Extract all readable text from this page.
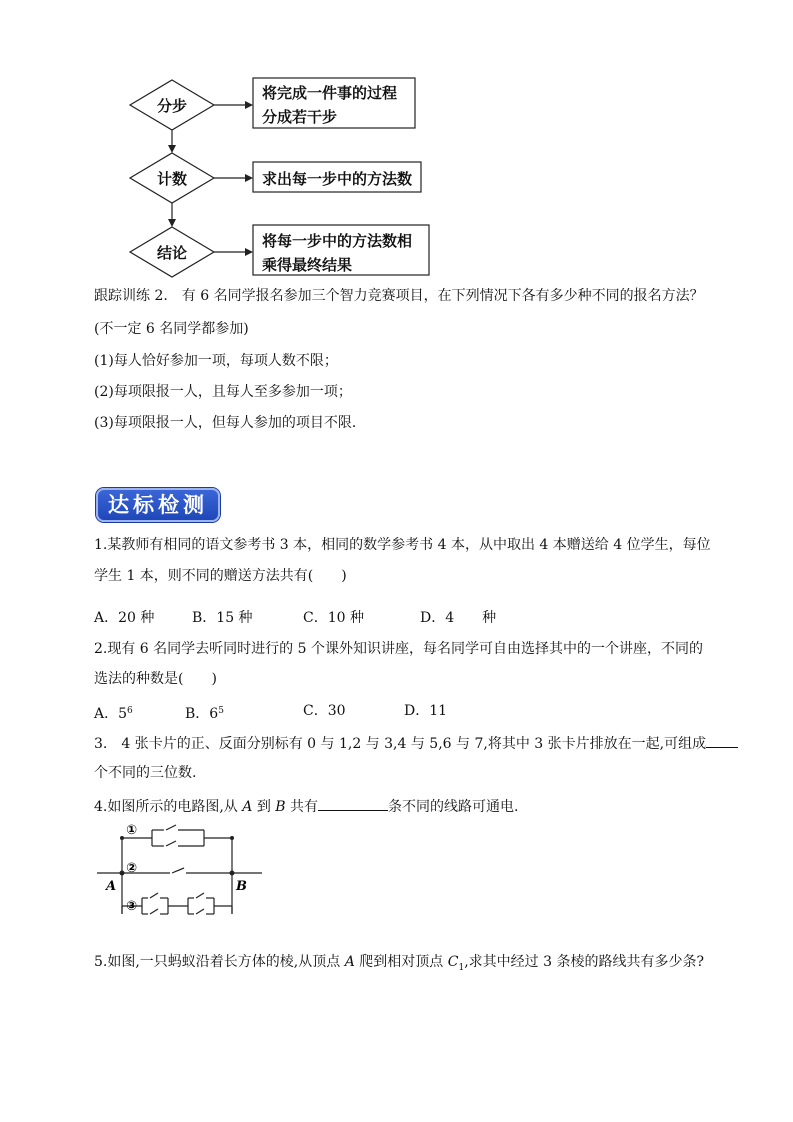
分步
计数
结论
将完成一件事的过程
分成若干步
求出每一步中的方法数
将每一步中的方法数相
乘得最终结果
跟踪训练 2.　有 6 名同学报名参加三个智力竞赛项目，在下列情况下各有多少种不同的报名方法？
(不一定 6 名同学都参加)
(1)每人恰好参加一项，每项人数不限；
(2)每项限报一人，且每人至多参加一项；
(3)每项限报一人，但每人参加的项目不限．
达标检测
1.某教师有相同的语文参考书 3 本，相同的数学参考书 4 本，从中取出 4 本赠送给 4 位学生，每位
学生 1 本，则不同的赠送方法共有(　　)
A．20 种	B．15 种	C．10 种	D．4　　种
2.现有 6 名同学去听同时进行的 5 个课外知识讲座，每名同学可自由选择其中的一个讲座，不同的
选法的种数是(　　)
A．$5^6$	B．$6^5$	C．30	D．11
3.　4 张卡片的正、反面分别标有 0 与 1,2 与 3,4 与 5,6 与 7,将其中 3 张卡片排放在一起,可组成
个不同的三位数.
4.如图所示的电路图,从 A 到 B 共有	条不同的线路可通电.
①
②
③
A	B
5.如图,一只蚂蚁沿着长方体的棱,从顶点 A 爬到相对顶点 $C_1$,求其中经过 3 条棱的路线共有多少条?
